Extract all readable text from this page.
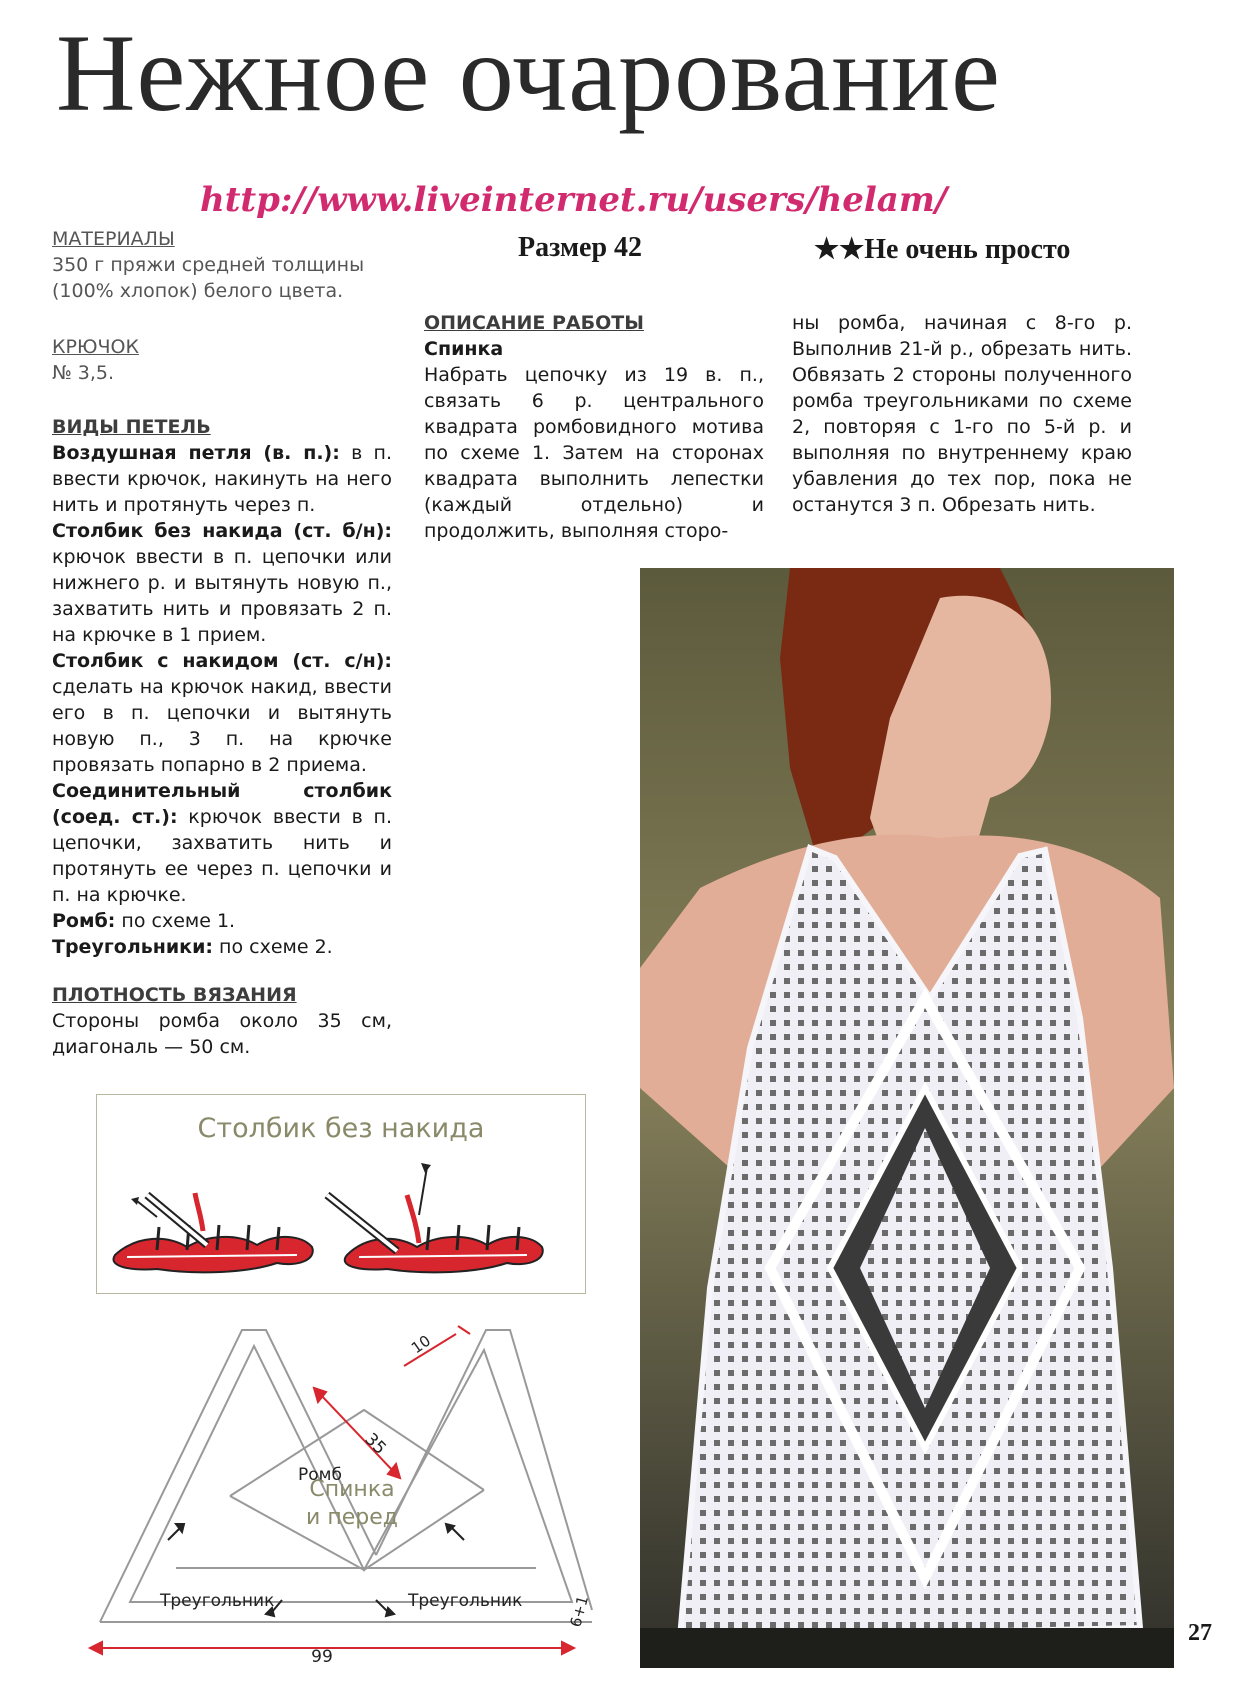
Нежное очарование
http://www.liveinternet.ru/users/helam/
Размер 42	★★Не очень просто
МАТЕРИАЛЫ

350 г пряжи средней толщины

(100% хлопок) белого цвета.

КРЮЧОК

№ 3,5.

ВИДЫ ПЕТЕЛЬ

Воздушная петля (в. п.): в п. ввести крючок, накинуть на него нить и протянуть через п.

Столбик без накида (ст. б/н): крючок ввести в п. цепочки или нижнего р. и вытянуть новую п., захватить нить и провязать 2 п. на крючке в 1 прием.

Столбик с накидом (ст. с/н): сделать на крючок накид, ввести его в п. цепочки и вытянуть новую п., 3 п. на крючке провязать попарно в 2 приема.

Соединительный столбик (соед. ст.): крючок ввести в п. цепочки, захватить нить и протянуть ее через п. цепочки и п. на крючке.

Ромб: по схеме 1.

Треугольники: по схеме 2.

ПЛОТНОСТЬ ВЯЗАНИЯ

Стороны ромба около 35 см, диагональ — 50 см.

ОПИСАНИЕ РАБОТЫ
Спинка

Набрать цепочку из 19 в. п., связать 6 р. центрального квадрата ромбовидного мотива по схеме 1. Затем на сторонах квадрата выполнить лепестки (каждый отдельно) и продолжить, выполняя сторо-

ны ромба, начиная с 8-го р. Выполнив 21-й р., обрезать нить. Обвязать 2 стороны полученного ромба треугольниками по схеме 2, повторяя с 1-го по 5-й р. и выполняя по внутреннему краю убавления до тех пор, пока не останутся 3 п. Обрезать нить.

Столбик без накида
Ромб
Спинка
и перед
Треугольник	Треугольник
35
10
99
6+1
27
